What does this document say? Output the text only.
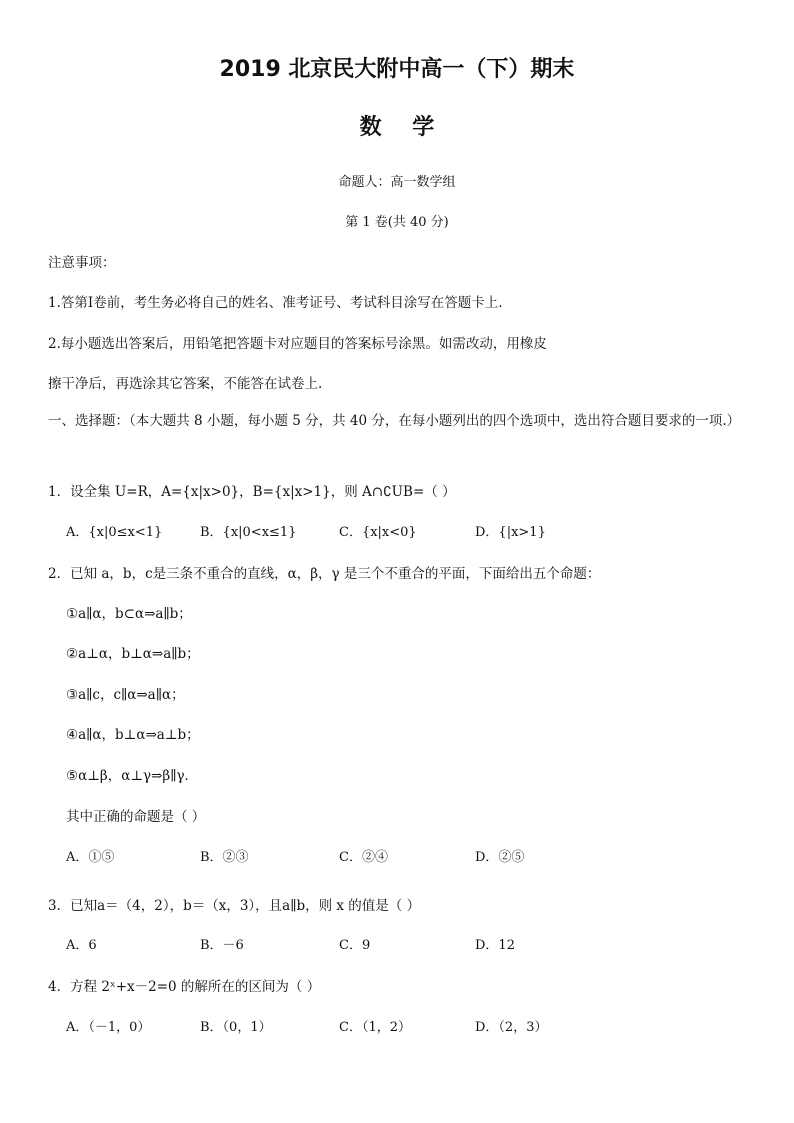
2019 北京民大附中高一（下）期末
数    学
命题人：高一数学组
第 1 卷(共 40 分)
注意事项：
1.答第Ⅰ卷前，考生务必将自己的姓名、准考证号、考试科目涂写在答题卡上.
2.每小题选出答案后，用铅笔把答题卡对应题目的答案标号涂黑。如需改动，用橡皮
擦干净后，再选涂其它答案，不能答在试卷上.
一、选择题：（本大题共 8 小题，每小题 5 分，共 40 分，在每小题列出的四个选项中，选出符合题目要求的一项.）
1．设全集 U=R，A={x|x>0}，B={x|x>1}，则 A∩∁UB=（ ）
A．{x|0≤x<1}	B．{x|0<x≤1}	C．{x|x<0}	D．{|x>1}
2．已知 a，b，c是三条不重合的直线，α，β，γ 是三个不重合的平面，下面给出五个命题：
①a∥α，b⊂α⇒a∥b；
②a⊥α，b⊥α⇒a∥b；
③a∥c，c∥α⇒a∥α；
④a∥α，b⊥α⇒a⊥b；
⑤α⊥β，α⊥γ⇒β∥γ．
其中正确的命题是（ ）
A．①⑤	B．②③	C．②④	D．②⑤
3．已知a＝（4，2），b＝（x，3），且a∥b，则 x 的值是（ ）
A．6	B．－6	C．9	D．12
4．方程 2ˣ+x－2=0 的解所在的区间为（ ）
A．（－1，0）	B．（0，1）	C．（1，2）	D．（2，3）
